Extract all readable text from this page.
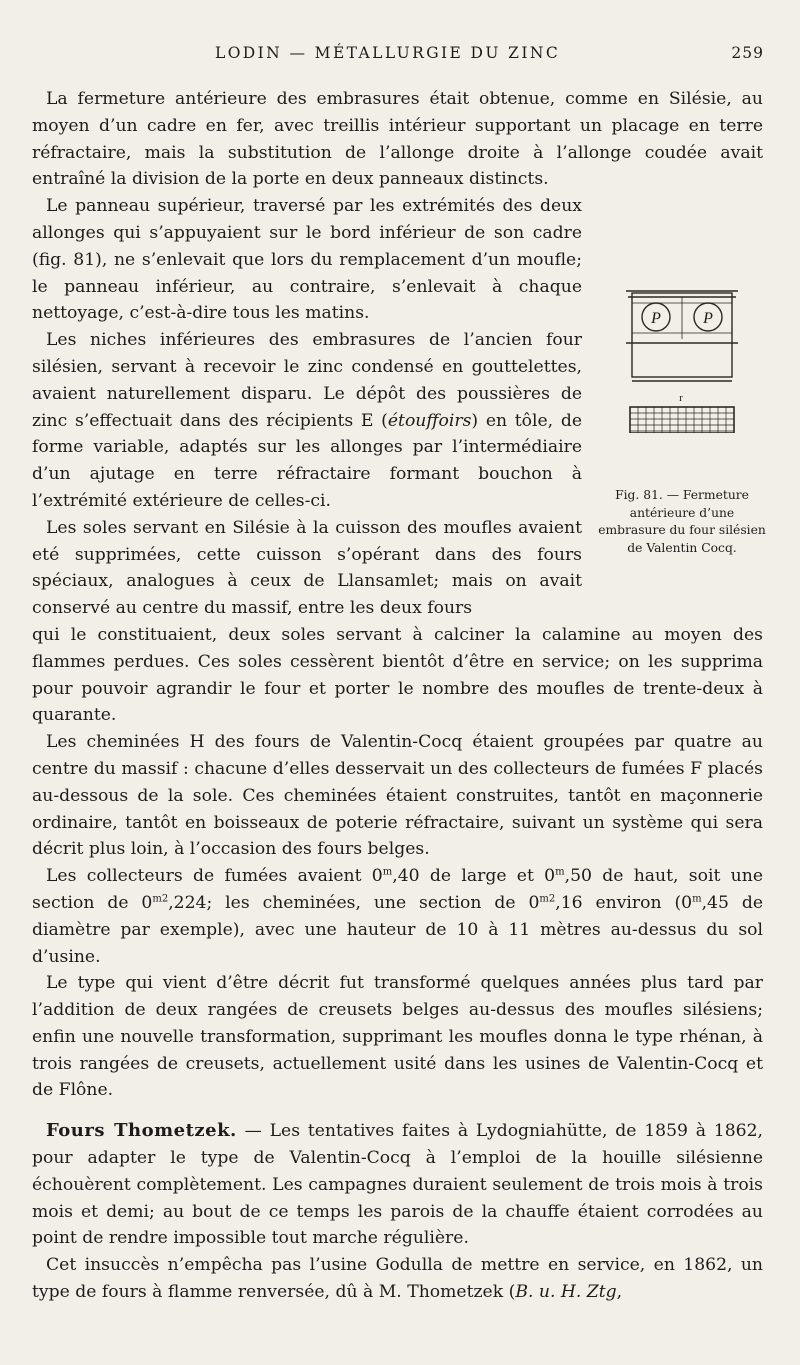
LODIN — MÉTALLURGIE DU ZINC	259

La fermeture antérieure des embrasures était obtenue, comme en Silésie, au moyen d’un cadre en fer, avec treillis intérieur supportant un placage en terre réfractaire, mais la substitution de l’allonge droite à l’allonge coudée avait entraîné la division de la porte en deux panneaux distincts.

Le panneau supérieur, traversé par les extrémités des deux allonges qui s’appuyaient sur le bord inférieur de son cadre (fig. 81), ne s’enlevait que lors du remplacement d’un moufle; le panneau inférieur, au contraire, s’enlevait à chaque nettoyage, c’est-à-dire tous les matins.

Les niches inférieures des embrasures de l’ancien four silésien, servant à recevoir le zinc condensé en gouttelettes, avaient naturellement disparu. Le dépôt des poussières de zinc s’effectuait dans des récipients E (étouffoirs) en tôle, de forme variable, adaptés sur les allonges par l’intermédiaire d’un ajutage en terre réfractaire formant bouchon à l’extrémité extérieure de celles-ci.

Les soles servant en Silésie à la cuisson des moufles avaient eté supprimées, cette cuisson s’opérant dans des fours spéciaux, analogues à ceux de Llansamlet; mais on avait conservé au centre du massif, entre les deux fours

qui le constituaient, deux soles servant à calciner la calamine au moyen des flammes perdues. Ces soles cessèrent bientôt d’être en service; on les supprima pour pouvoir agrandir le four et porter le nombre des moufles de trente-deux à quarante.

Les cheminées H des fours de Valentin-Cocq étaient groupées par quatre au centre du massif : chacune d’elles desservait un des collecteurs de fumées F placés au-dessous de la sole. Ces cheminées étaient construites, tantôt en maçonnerie ordinaire, tantôt en boisseaux de poterie réfractaire, suivant un système qui sera décrit plus loin, à l’occasion des fours belges.

Les collecteurs de fumées avaient 0$^m$,40 de large et 0$^m$,50 de haut, soit une section de $0^{m2},224$; les cheminées, une section de $0^{m2},16$ environ (0$^m$,45 de diamètre par exemple), avec une hauteur de 10 à 11 mètres au-dessus du sol d’usine.

Le type qui vient d’être décrit fut transformé quelques années plus tard par l’addition de deux rangées de creusets belges au-dessus des moufles silésiens; enfin une nouvelle transformation, supprimant les moufles donna le type rhénan, à trois rangées de creusets, actuellement usité dans les usines de Valentin-Cocq et de Flône.

Fours Thometzek. — Les tentatives faites à Lydogniahütte, de 1859 à 1862, pour adapter le type de Valentin-Cocq à l’emploi de la houille silésienne échouèrent complètement. Les campagnes duraient seulement de trois mois à trois mois et demi; au bout de ce temps les parois de la chauffe étaient corrodées au point de rendre impossible tout marche régulière.

Cet insuccès n’empêcha pas l’usine Godulla de mettre en service, en 1862, un type de fours à flamme renversée, dû à M. Thometzek (B. u. H. Ztg,

P	P
r
Fig. 81. — Fermeture antérieure d’une embrasure du four silésien de Valentin Cocq.
